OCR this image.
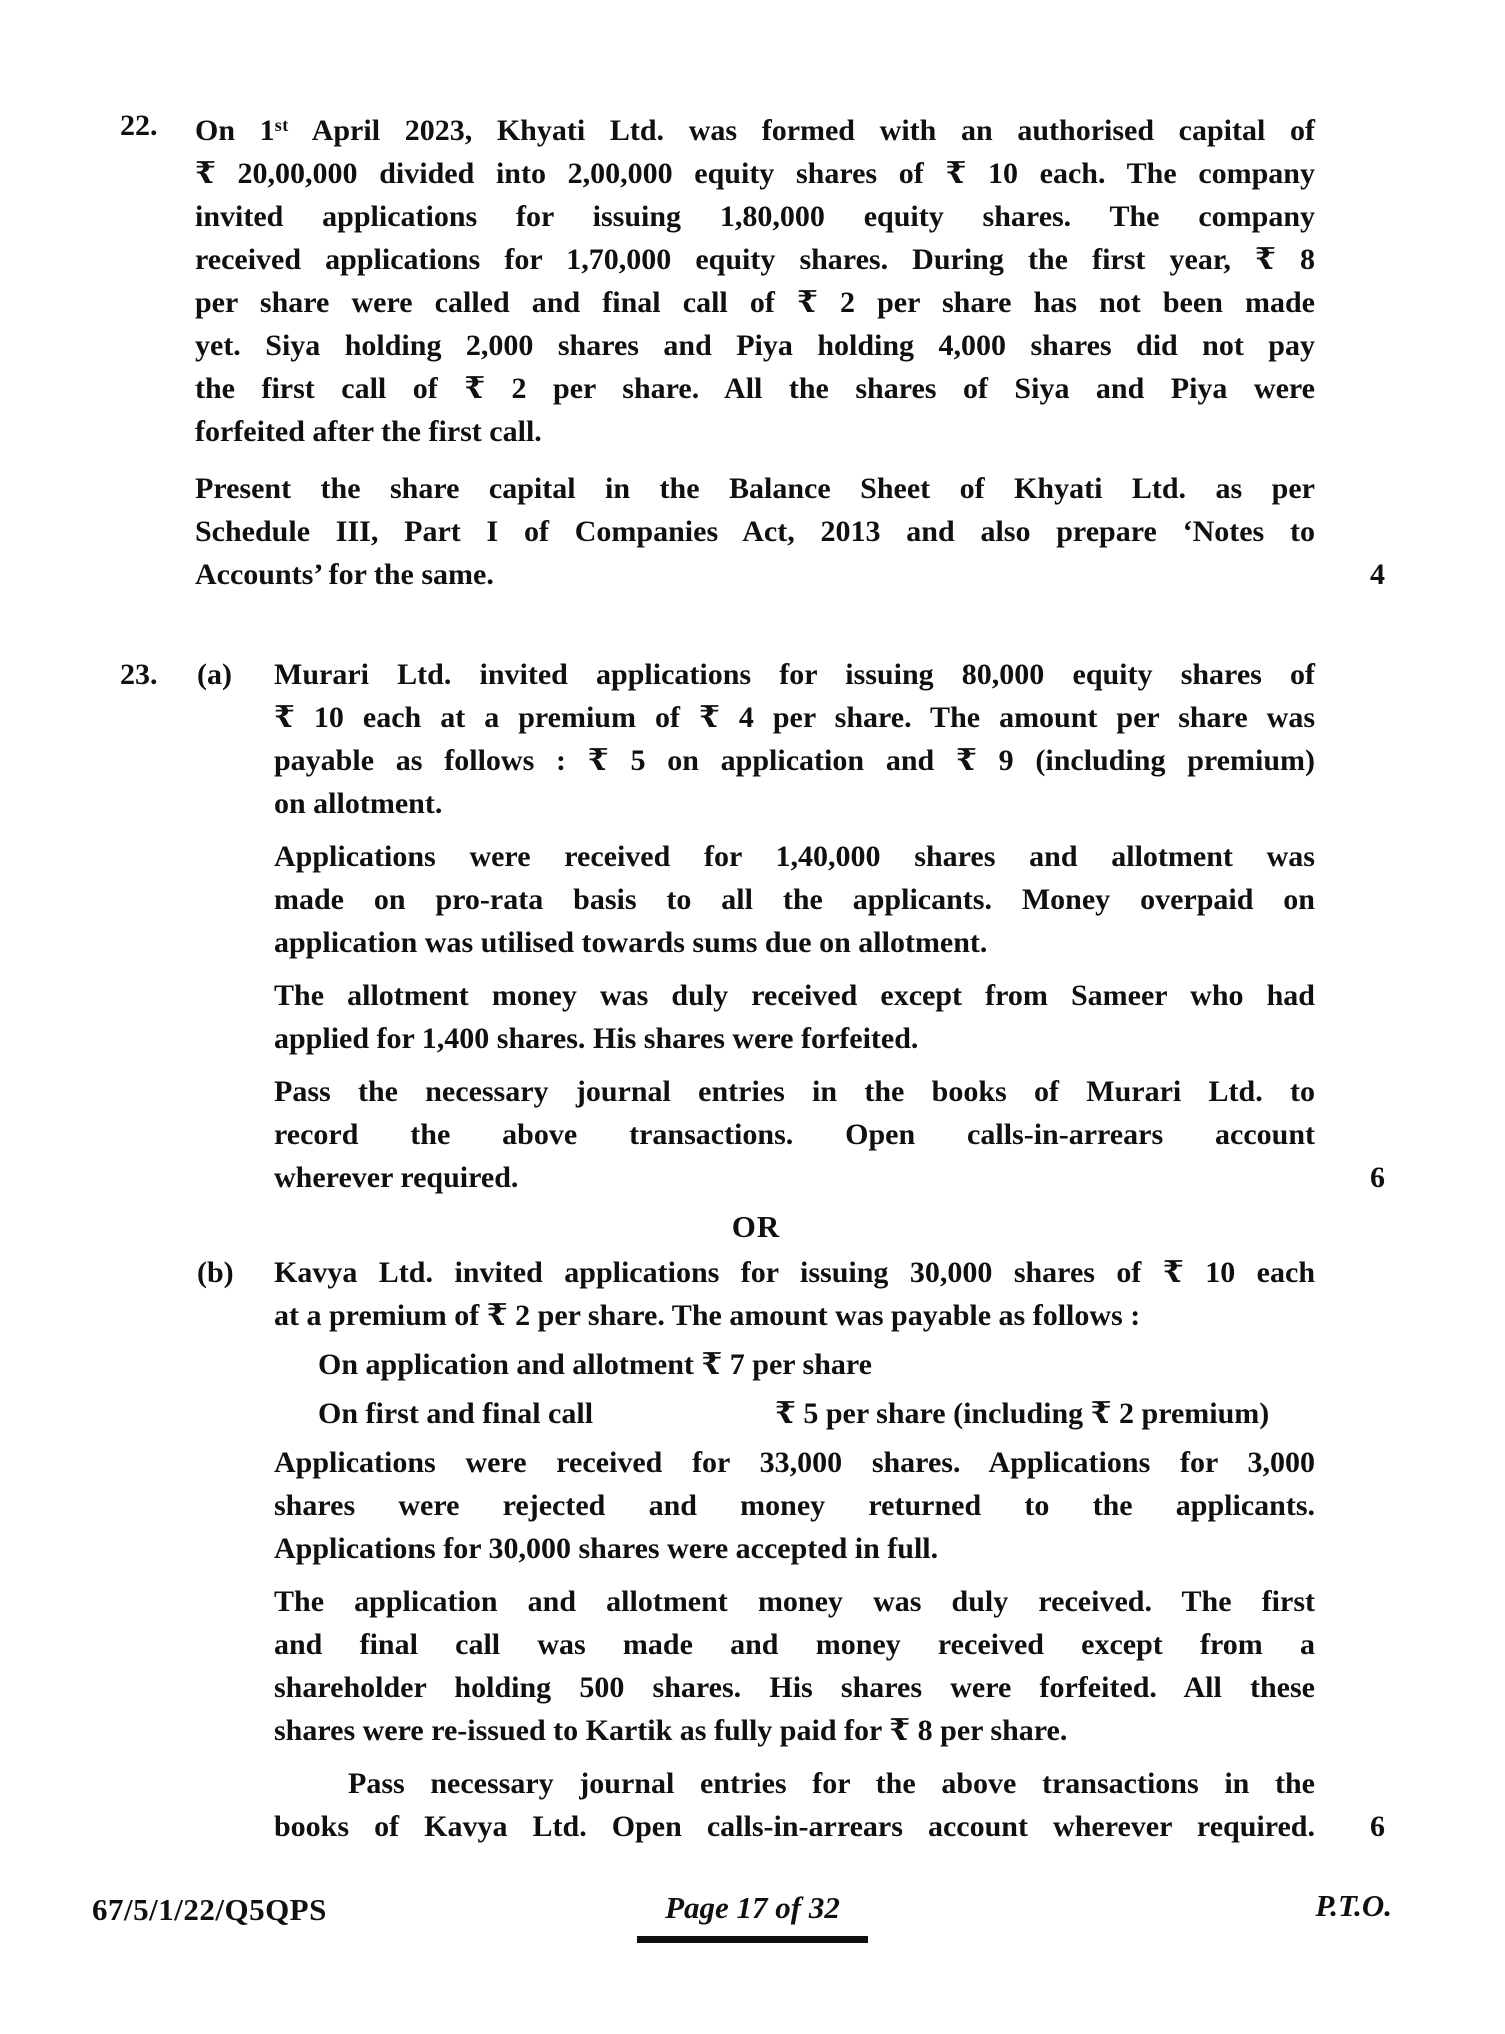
22.	On 1st April 2023, Khyati Ltd. was formed with an authorised capital of
₹ 20,00,000 divided into 2,00,000 equity shares of ₹ 10 each. The company
invited applications for issuing 1,80,000 equity shares. The company
received applications for 1,70,000 equity shares. During the first year, ₹ 8
per share were called and final call of ₹ 2 per share has not been made
yet. Siya holding 2,000 shares and Piya holding 4,000 shares did not pay
the first call of ₹ 2 per share. All the shares of Siya and Piya were
forfeited after the first call.
Present the share capital in the Balance Sheet of Khyati Ltd. as per
Schedule III, Part I of Companies Act, 2013 and also prepare ‘Notes to
Accounts’ for the same.	4
23.	(a)	Murari Ltd. invited applications for issuing 80,000 equity shares of
₹ 10 each at a premium of ₹ 4 per share. The amount per share was
payable as follows : ₹ 5 on application and ₹ 9 (including premium)
on allotment.
Applications were received for 1,40,000 shares and allotment was
made on pro-rata basis to all the applicants. Money overpaid on
application was utilised towards sums due on allotment.
The allotment money was duly received except from Sameer who had
applied for 1,400 shares. His shares were forfeited.
Pass the necessary journal entries in the books of Murari Ltd. to
record the above transactions. Open calls-in-arrears account
wherever required.	6
OR
(b)	Kavya Ltd. invited applications for issuing 30,000 shares of ₹ 10 each
at a premium of ₹ 2 per share. The amount was payable as follows :
On application and allotment ₹ 7 per share
On first and final call	₹ 5 per share (including ₹ 2 premium)
Applications were received for 33,000 shares. Applications for 3,000
shares were rejected and money returned to the applicants.
Applications for 30,000 shares were accepted in full.
The application and allotment money was duly received. The first
and final call was made and money received except from a
shareholder holding 500 shares. His shares were forfeited. All these
shares were re-issued to Kartik as fully paid for ₹ 8 per share.
Pass necessary journal entries for the above transactions in the
books of Kavya Ltd. Open calls-in-arrears account wherever required. 6
67/5/1/22/Q5QPS	Page 17 of 32	P.T.O.
